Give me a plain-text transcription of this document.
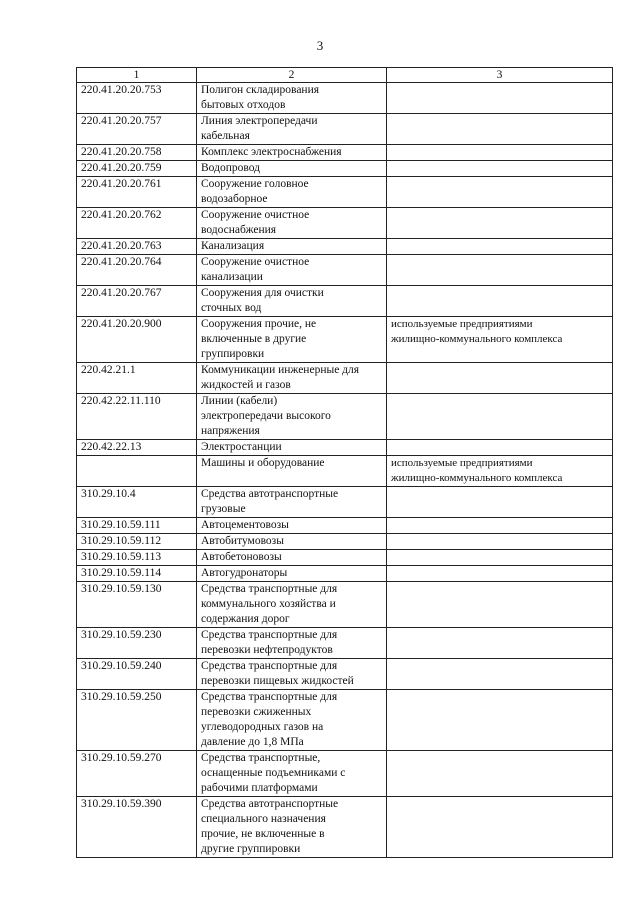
3
1	2	3
220.41.20.20.753	Полигон складирования
бытовых отходов	
220.41.20.20.757	Линия электропередачи
кабельная	
220.41.20.20.758	Комплекс электроснабжения	
220.41.20.20.759	Водопровод	
220.41.20.20.761	Сооружение головное
водозаборное	
220.41.20.20.762	Сооружение очистное
водоснабжения	
220.41.20.20.763	Канализация	
220.41.20.20.764	Сооружение очистное
канализации	
220.41.20.20.767	Сооружения для очистки
сточных вод	
220.41.20.20.900	Сооружения прочие, не
включенные в другие
группировки	используемые предприятиями
жилищно-коммунального комплекса
220.42.21.1	Коммуникации инженерные для
жидкостей и газов	
220.42.22.11.110	Линии (кабели)
электропередачи высокого
напряжения	
220.42.22.13	Электростанции	
	Машины и оборудование	используемые предприятиями
жилищно-коммунального комплекса
310.29.10.4	Средства автотранспортные
грузовые	
310.29.10.59.111	Автоцементовозы	
310.29.10.59.112	Автобитумовозы	
310.29.10.59.113	Автобетоновозы	
310.29.10.59.114	Автогудронаторы	
310.29.10.59.130	Средства транспортные для
коммунального хозяйства и
содержания дорог	
310.29.10.59.230	Средства транспортные для
перевозки нефтепродуктов	
310.29.10.59.240	Средства транспортные для
перевозки пищевых жидкостей	
310.29.10.59.250	Средства транспортные для
перевозки сжиженных
углеводородных газов на
давление до 1,8 МПа	
310.29.10.59.270	Средства транспортные,
оснащенные подъемниками с
рабочими платформами	
310.29.10.59.390	Средства автотранспортные
специального назначения
прочие, не включенные в
другие группировки	
